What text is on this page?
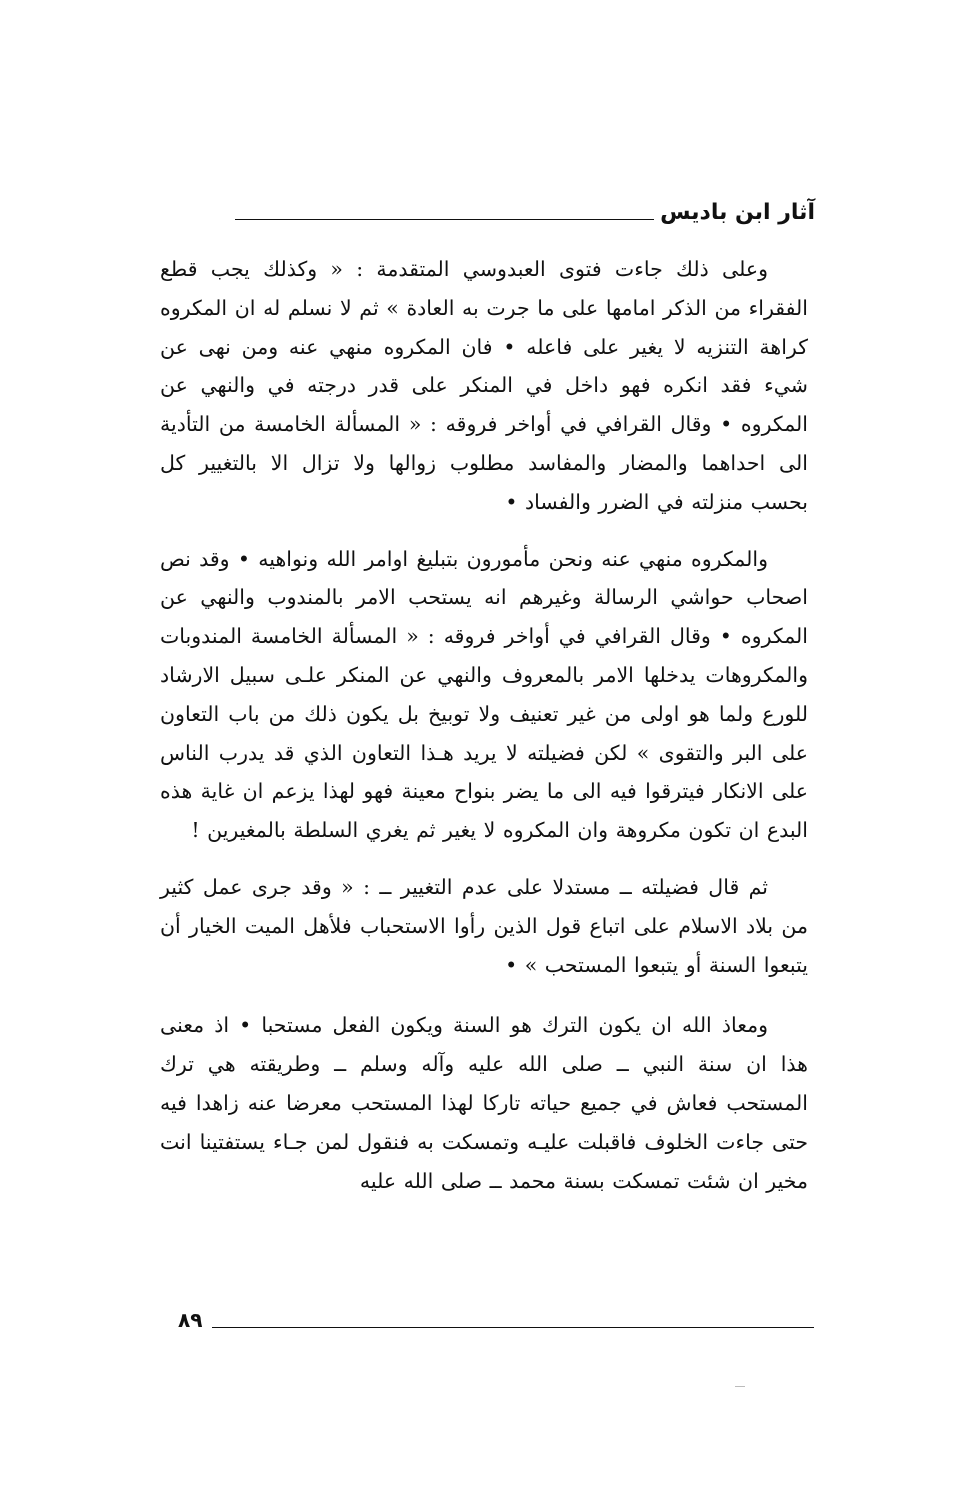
آثار ابن باديس

وعلى ذلك جاءت فتوى العبدوسي المتقدمة : « وكذلك يجب قطع الفقراء من الذكر امامها على ما جرت به العادة » ثم لا نسلم له ان المكروه كراهة التنزيه لا يغير على فاعله • فان المكروه منهي عنه ومن نهى عن شيء فقد انكره فهو داخل في المنكر على قدر درجته في والنهي عن المكروه • وقال القرافي في أواخر فروقه : « المسألة الخامسة من التأدية الى احداهما والمضار والمفاسد مطلوب زوالها ولا تزال الا بالتغيير كل بحسب منزلته في الضرر والفساد •

والمكروه منهي عنه ونحن مأمورون بتبليغ اوامر الله ونواهيه • وقد نص اصحاب حواشي الرسالة وغيرهم انه يستحب الامر بالمندوب والنهي عن المكروه • وقال القرافي في أواخر فروقه : « المسألة الخامسة المندوبات والمكروهات يدخلها الامر بالمعروف والنهي عن المنكر علـى سبيل الارشاد للورع ولما هو اولى من غير تعنيف ولا توبيخ بل يكون ذلك من باب التعاون على البر والتقوى » لكن فضيلته لا يريد هـذا التعاون الذي قد يدرب الناس على الانكار فيترقوا فيه الى ما يضر بنواح معينة فهو لهذا يزعم ان غاية هذه البدع ان تكون مكروهة وان المكروه لا يغير ثم يغري السلطة بالمغيرين !

ثم قال فضيلته ــ مستدلا على عدم التغيير ــ : « وقد جرى عمل كثير من بلاد الاسلام على اتباع قول الذين رأوا الاستحباب فلأهل الميت الخيار أن يتبعوا السنة أو يتبعوا المستحب » •

ومعاذ الله ان يكون الترك هو السنة ويكون الفعل مستحبا • اذ معنى هذا ان سنة النبي ــ صلى الله عليه وآله وسلم ــ وطريقته هي ترك المستحب فعاش في جميع حياته تاركا لهذا المستحب معرضا عنه زاهدا فيه حتى جاءت الخلوف فاقبلت عليـه وتمسكت به فنقول لمن جـاء يستفتينا انت مخير ان شئت تمسكت بسنة محمد ــ صلى الله عليه

٨٩
